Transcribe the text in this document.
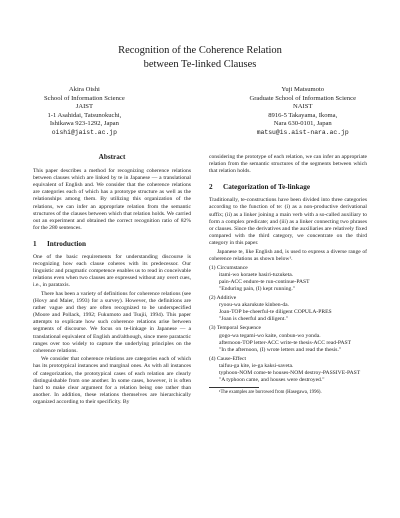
Recognition of the Coherence Relation
between Te-linked Clauses
Akira Oishi
School of Information Science
JAIST
1-1 Asahidai, Tatsunokuchi,
Ishikawa 923-1292, Japan
oishi@jaist.ac.jp
Yuji Matsumoto
Graduate School of Information Science
NAIST
8916-5 Takayama, Ikoma,
Nara 630-0101, Japan
matsu@is.aist-nara.ac.jp
Abstract

This paper describes a method for recognizing coherence relations between clauses which are linked by te in Japanese — a translational equivalent of English and. We consider that the coherence relations are categories each of which has a prototype structure as well as the relationships among them. By utilizing this organization of the relations, we can infer an appropriate relation from the semantic structures of the clauses between which that relation holds. We carried out an experiment and obtained the correct recognition ratio of 82% for the 280 sentences.

1 Introduction

One of the basic requirements for understanding discourse is recognizing how each clause coheres with its predecessor. Our linguistic and pragmatic competence enables us to read in conceivable relations even when two clauses are expressed without any overt cues, i.e., in parataxis.

There has been a variety of definitions for coherence relations (see (Hovy and Maier, 1993) for a survey). However, the definitions are rather vague and they are often recognized to be underspecified (Moore and Pollack, 1992; Fukumoto and Tsujii, 1994). This paper attempts to explicate how such coherence relations arise between segments of discourse. We focus on te-linkage in Japanese — a translational equivalent of English and/although, since mere paratactic ranges over too widely to capture the underlying principles on the coherence relations.

We consider that coherence relations are categories each of which has its prototypical instances and marginal ones. As with all instances of categorization, the prototypical cases of each relation are clearly distinguishable from one another. In some cases, however, it is often hard to make clear argument for a relation being one rather than another. In addition, these relations themselves are hierarchically organized according to their specificity. By

considering the prototype of each relation, we can infer an appropriate relation from the semantic structures of the segments between which that relation holds.

2 Categorization of Te-linkage

Traditionally, te-constructions have been divided into three categories according to the function of te: (i) as a non-productive derivational suffix; (ii) as a linker joining a main verb with a so-called auxiliary to form a complex predicate; and (iii) as a linker connecting two phrases or clauses. Since the derivatives and the auxiliaries are relatively fixed compared with the third category, we concentrate on the third category in this paper.

Japanese te, like English and, is used to express a diverse range of coherence relations as shown below¹.

(1) Circumstance
itami-wo koraete hasiri-tuzuketa.
pain-ACC endure-te run-continue-PAST
"Enduring pain, (I) kept running."
(2) Additive
ryoou-wa akarukute kinben-da.
Joan-TOP be-cheerful-te diligent COPULA-PRES
"Joan is cheerful and diligent."
(3) Temporal Sequence
gogo-wa tegami-wo kaite, conbun-wo yonda.
afternoon-TOP letter-ACC write-te thesis-ACC read-PAST
"In the afternoon, (I) wrote letters and read the thesis."
(4) Cause-Effect
taifuu-ga kite, ie-ga kaksi-saveta.
typhoon-NOM come-te houses-NOM destroy-PASSIVE-PAST
"A typhoon came, and houses were destroyed."
¹The examples are borrowed from (Hasegawa, 1996).
